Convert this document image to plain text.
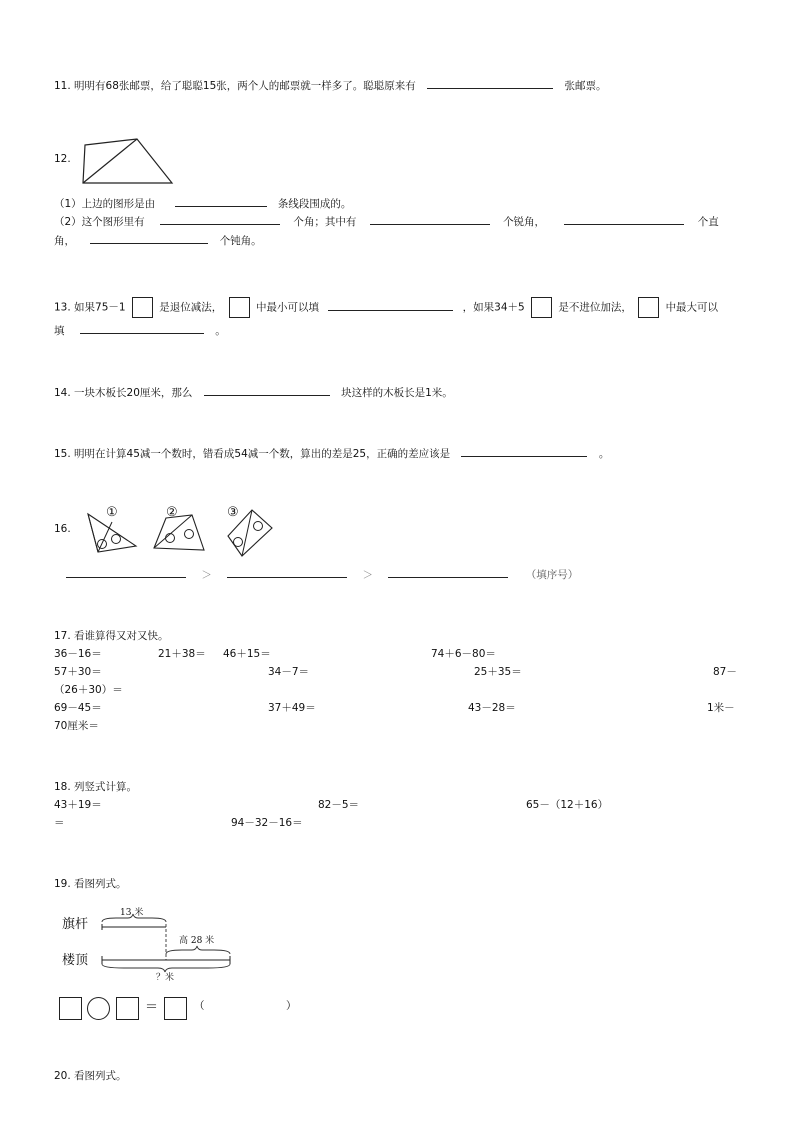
11. 明明有68张邮票，给了聪聪15张，两个人的邮票就一样多了。聪聪原来有	张邮票。
12.
（1）上边的图形是由	条线段围成的。
（2）这个图形里有	个角；其中有	个锐角，	个直
角，	个钝角。
13. 如果75－1	是退位减法，	中最小可以填	，如果34＋5	是不进位加法，	中最大可以
填	。
14. 一块木板长20厘米，那么	块这样的木板长是1米。
15. 明明在计算45减一个数时，错看成54减一个数，算出的差是25，正确的差应该是	。
16.
①	②	③
＞	＞	（填序号）
17. 看谁算得又对又快。
36－16＝	21＋38＝ 46＋15＝	74＋6－80＝
57＋30＝	34－7＝	25＋35＝	87－
（26＋30）＝
69－45＝	37＋49＝	43－28＝	1米－
70厘米＝
18. 列竖式计算。
43＋19＝	82－5＝	65－（12＋16）
＝	94－32－16＝
19. 看图列式。
旗杆
楼顶
13 米
高 28 米
？米
＝	（	）
20. 看图列式。
